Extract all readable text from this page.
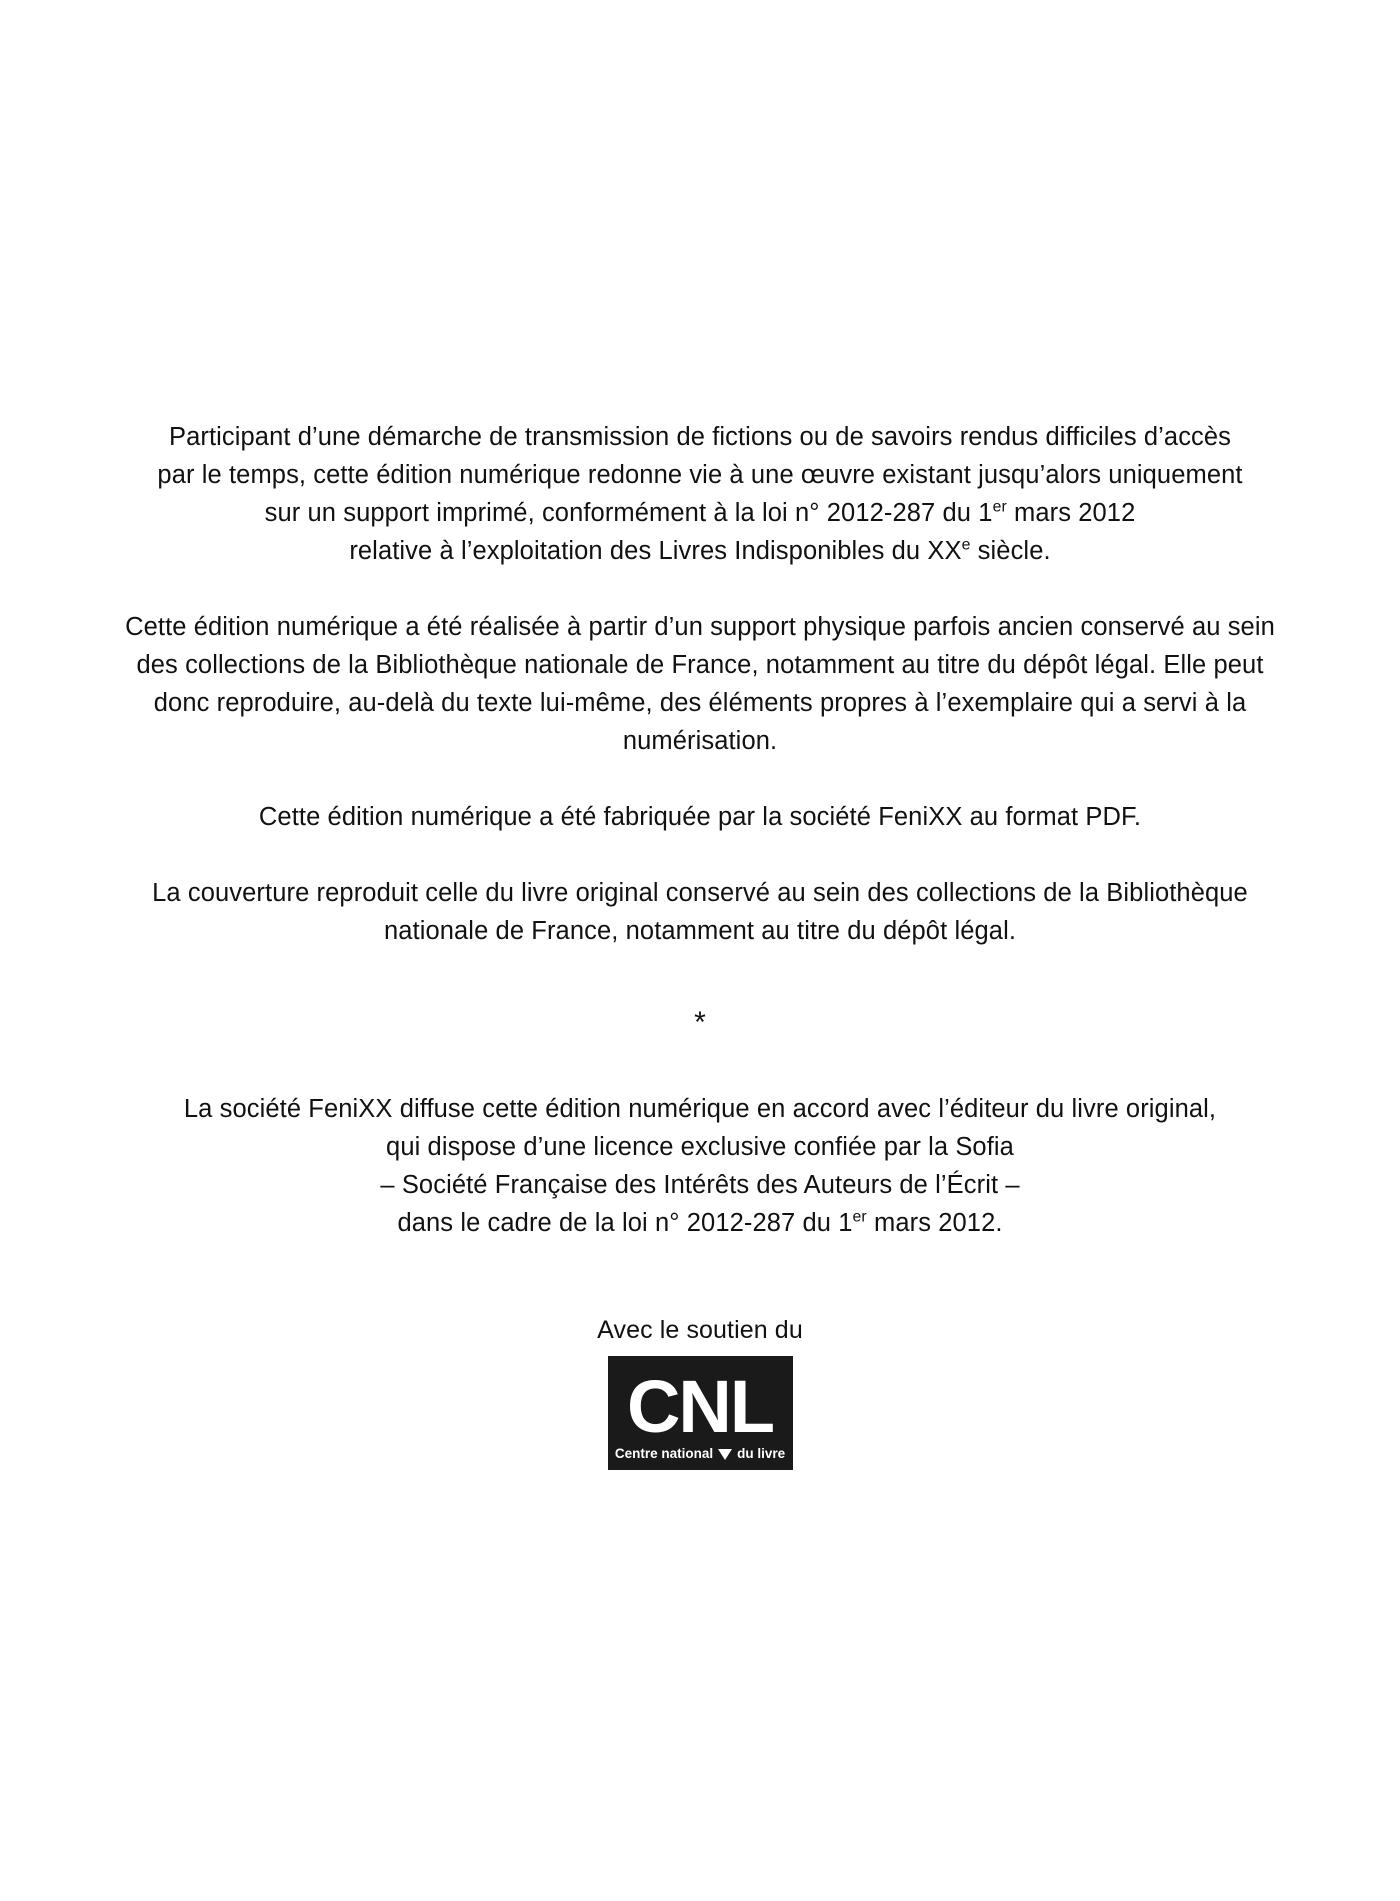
Participant d’une démarche de transmission de fictions ou de savoirs rendus difficiles d’accès
par le temps, cette édition numérique redonne vie à une œuvre existant jusqu’alors uniquement
sur un support imprimé, conformément à la loi n° 2012-287 du 1er mars 2012
relative à l’exploitation des Livres Indisponibles du XXe siècle.

Cette édition numérique a été réalisée à partir d’un support physique parfois ancien conservé au sein des collections de la Bibliothèque nationale de France, notamment au titre du dépôt légal. Elle peut donc reproduire, au-delà du texte lui-même, des éléments propres à l’exemplaire qui a servi à la numérisation.

Cette édition numérique a été fabriquée par la société FeniXX au format PDF.

La couverture reproduit celle du livre original conservé au sein des collections de la Bibliothèque nationale de France, notamment au titre du dépôt légal.

*

La société FeniXX diffuse cette édition numérique en accord avec l’éditeur du livre original,
qui dispose d’une licence exclusive confiée par la Sofia
– Société Française des Intérêts des Auteurs de l’Écrit –
dans le cadre de la loi n° 2012-287 du 1er mars 2012.

Avec le soutien du

CNL
Centre national du livre
